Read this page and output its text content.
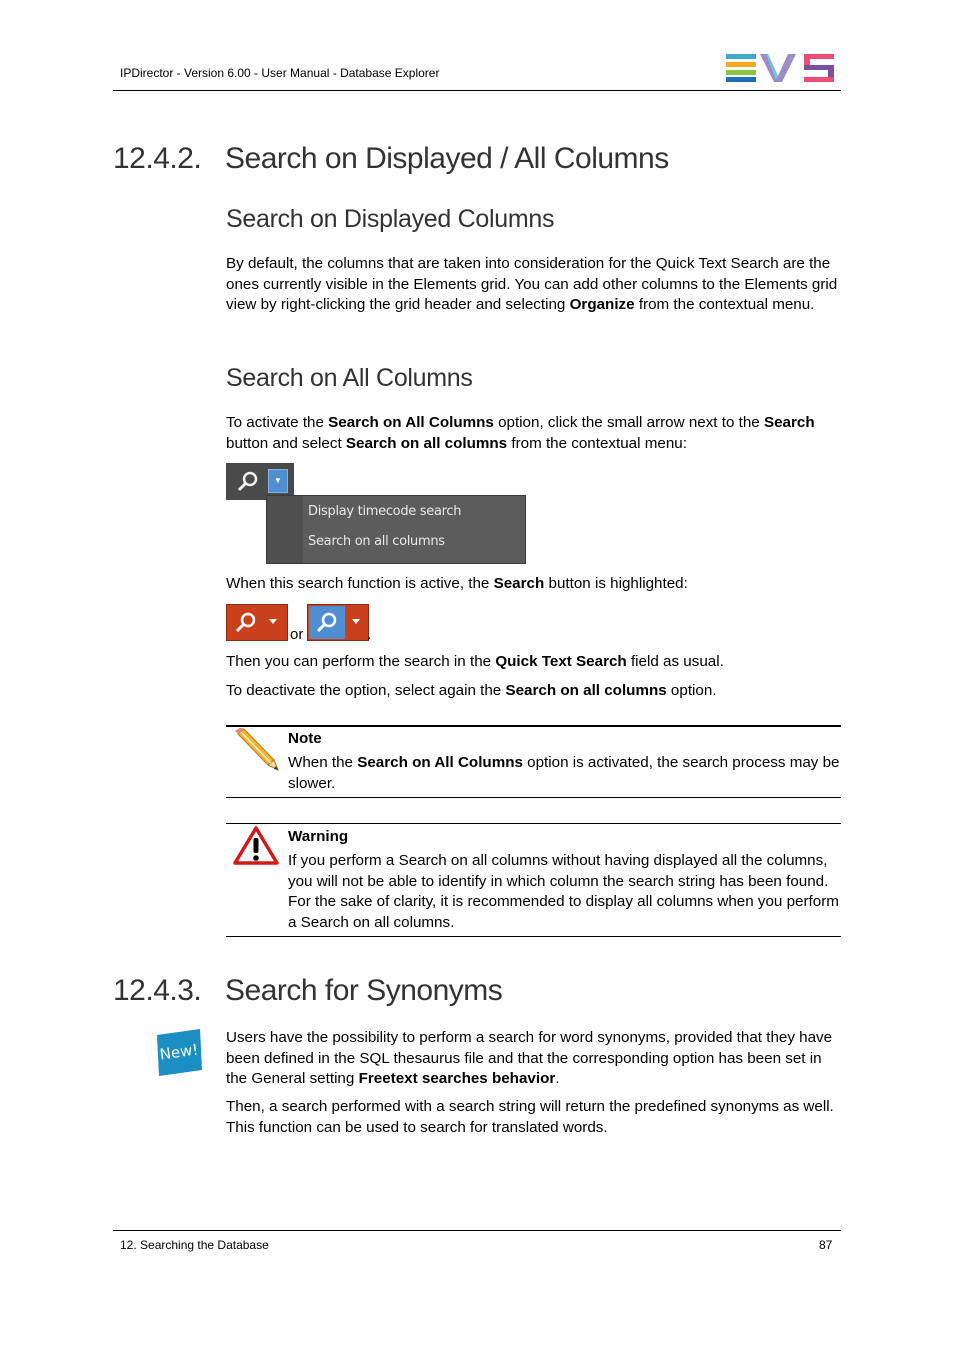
IPDirector - Version 6.00 - User Manual - Database Explorer
12.4.2. Search on Displayed / All Columns
Search on Displayed Columns

By default, the columns that are taken into consideration for the Quick Text Search are the ones currently visible in the Elements grid. You can add other columns to the Elements grid view by right-clicking the grid header and selecting Organize from the contextual menu.

Search on All Columns

To activate the Search on All Columns option, click the small arrow next to the Search button and select Search on all columns from the contextual menu:

▼
Display timecode search
Search on all columns

When this search function is active, the Search button is highlighted:

or	.

Then you can perform the search in the Quick Text Search field as usual.

To deactivate the option, select again the Search on all columns option.

Note

When the Search on All Columns option is activated, the search process may be slower.

Warning

If you perform a Search on all columns without having displayed all the columns, you will not be able to identify in which column the search string has been found. For the sake of clarity, it is recommended to display all columns when you perform a Search on all columns.

12.4.3. Search for Synonyms
New!

Users have the possibility to perform a search for word synonyms, provided that they have been defined in the SQL thesaurus file and that the corresponding option has been set in the General setting Freetext searches behavior.

Then, a search performed with a search string will return the predefined synonyms as well. This function can be used to search for translated words.

12. Searching the Database	87
